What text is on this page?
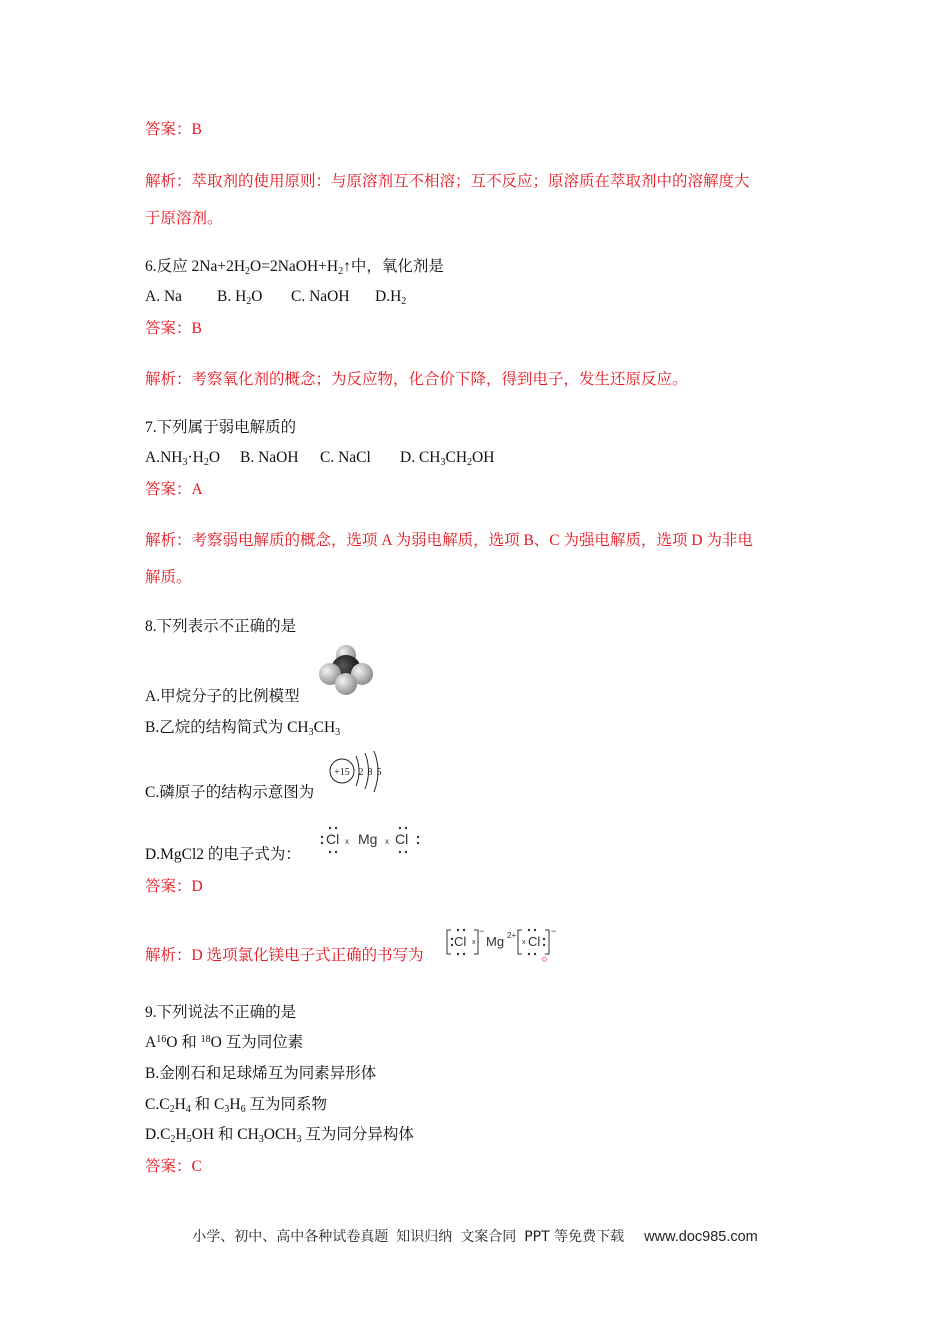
答案：B
解析：萃取剂的使用原则：与原溶剂互不相溶；互不反应；原溶质在萃取剂中的溶解度大
于原溶剂。
6.反应 $2Na+2H_2O=2NaOH+H_2↑$中，氧化剂是
A. Na B. $H_2O$ C. NaOH $D.H_2$
答案：B
解析：考察氧化剂的概念；为反应物，化合价下降，得到电子，发生还原反应。
7.下列属于弱电解质的
$A.NH_3\cdot H_2O$ B. NaOH C. NaCl D. $CH_3CH_2OH$
答案：A
解析：考察弱电解质的概念，选项 A 为弱电解质，选项 B、C 为强电解质，选项 D 为非电
解质。
8.下列表示不正确的是
A.甲烷分子的比例模型
B.乙烷的结构简式为 $CH_3CH_3$
C.磷原子的结构示意图为
+15 2 8 5
D.MgCl2 的电子式为：
Cl x Mg x Cl
答案：D
解析：D 选项氯化镁电子式正确的书写为	。
Cl x
−
Mg 2+
x Cl
−
9.下列说法不正确的是
$A^{16}O$ 和 $^{18}$O 互为同位素
B.金刚石和足球烯互为同素异形体
$C.C_2H_4$ 和 $C_3H_6$ 互为同系物
$D.C_2H_5OH$ 和 $CH_3OCH_3$ 互为同分异构体
答案：C
小学、初中、高中各种试卷真题 知识归纳 文案合同 PPT 等免费下载 www.doc985.com
